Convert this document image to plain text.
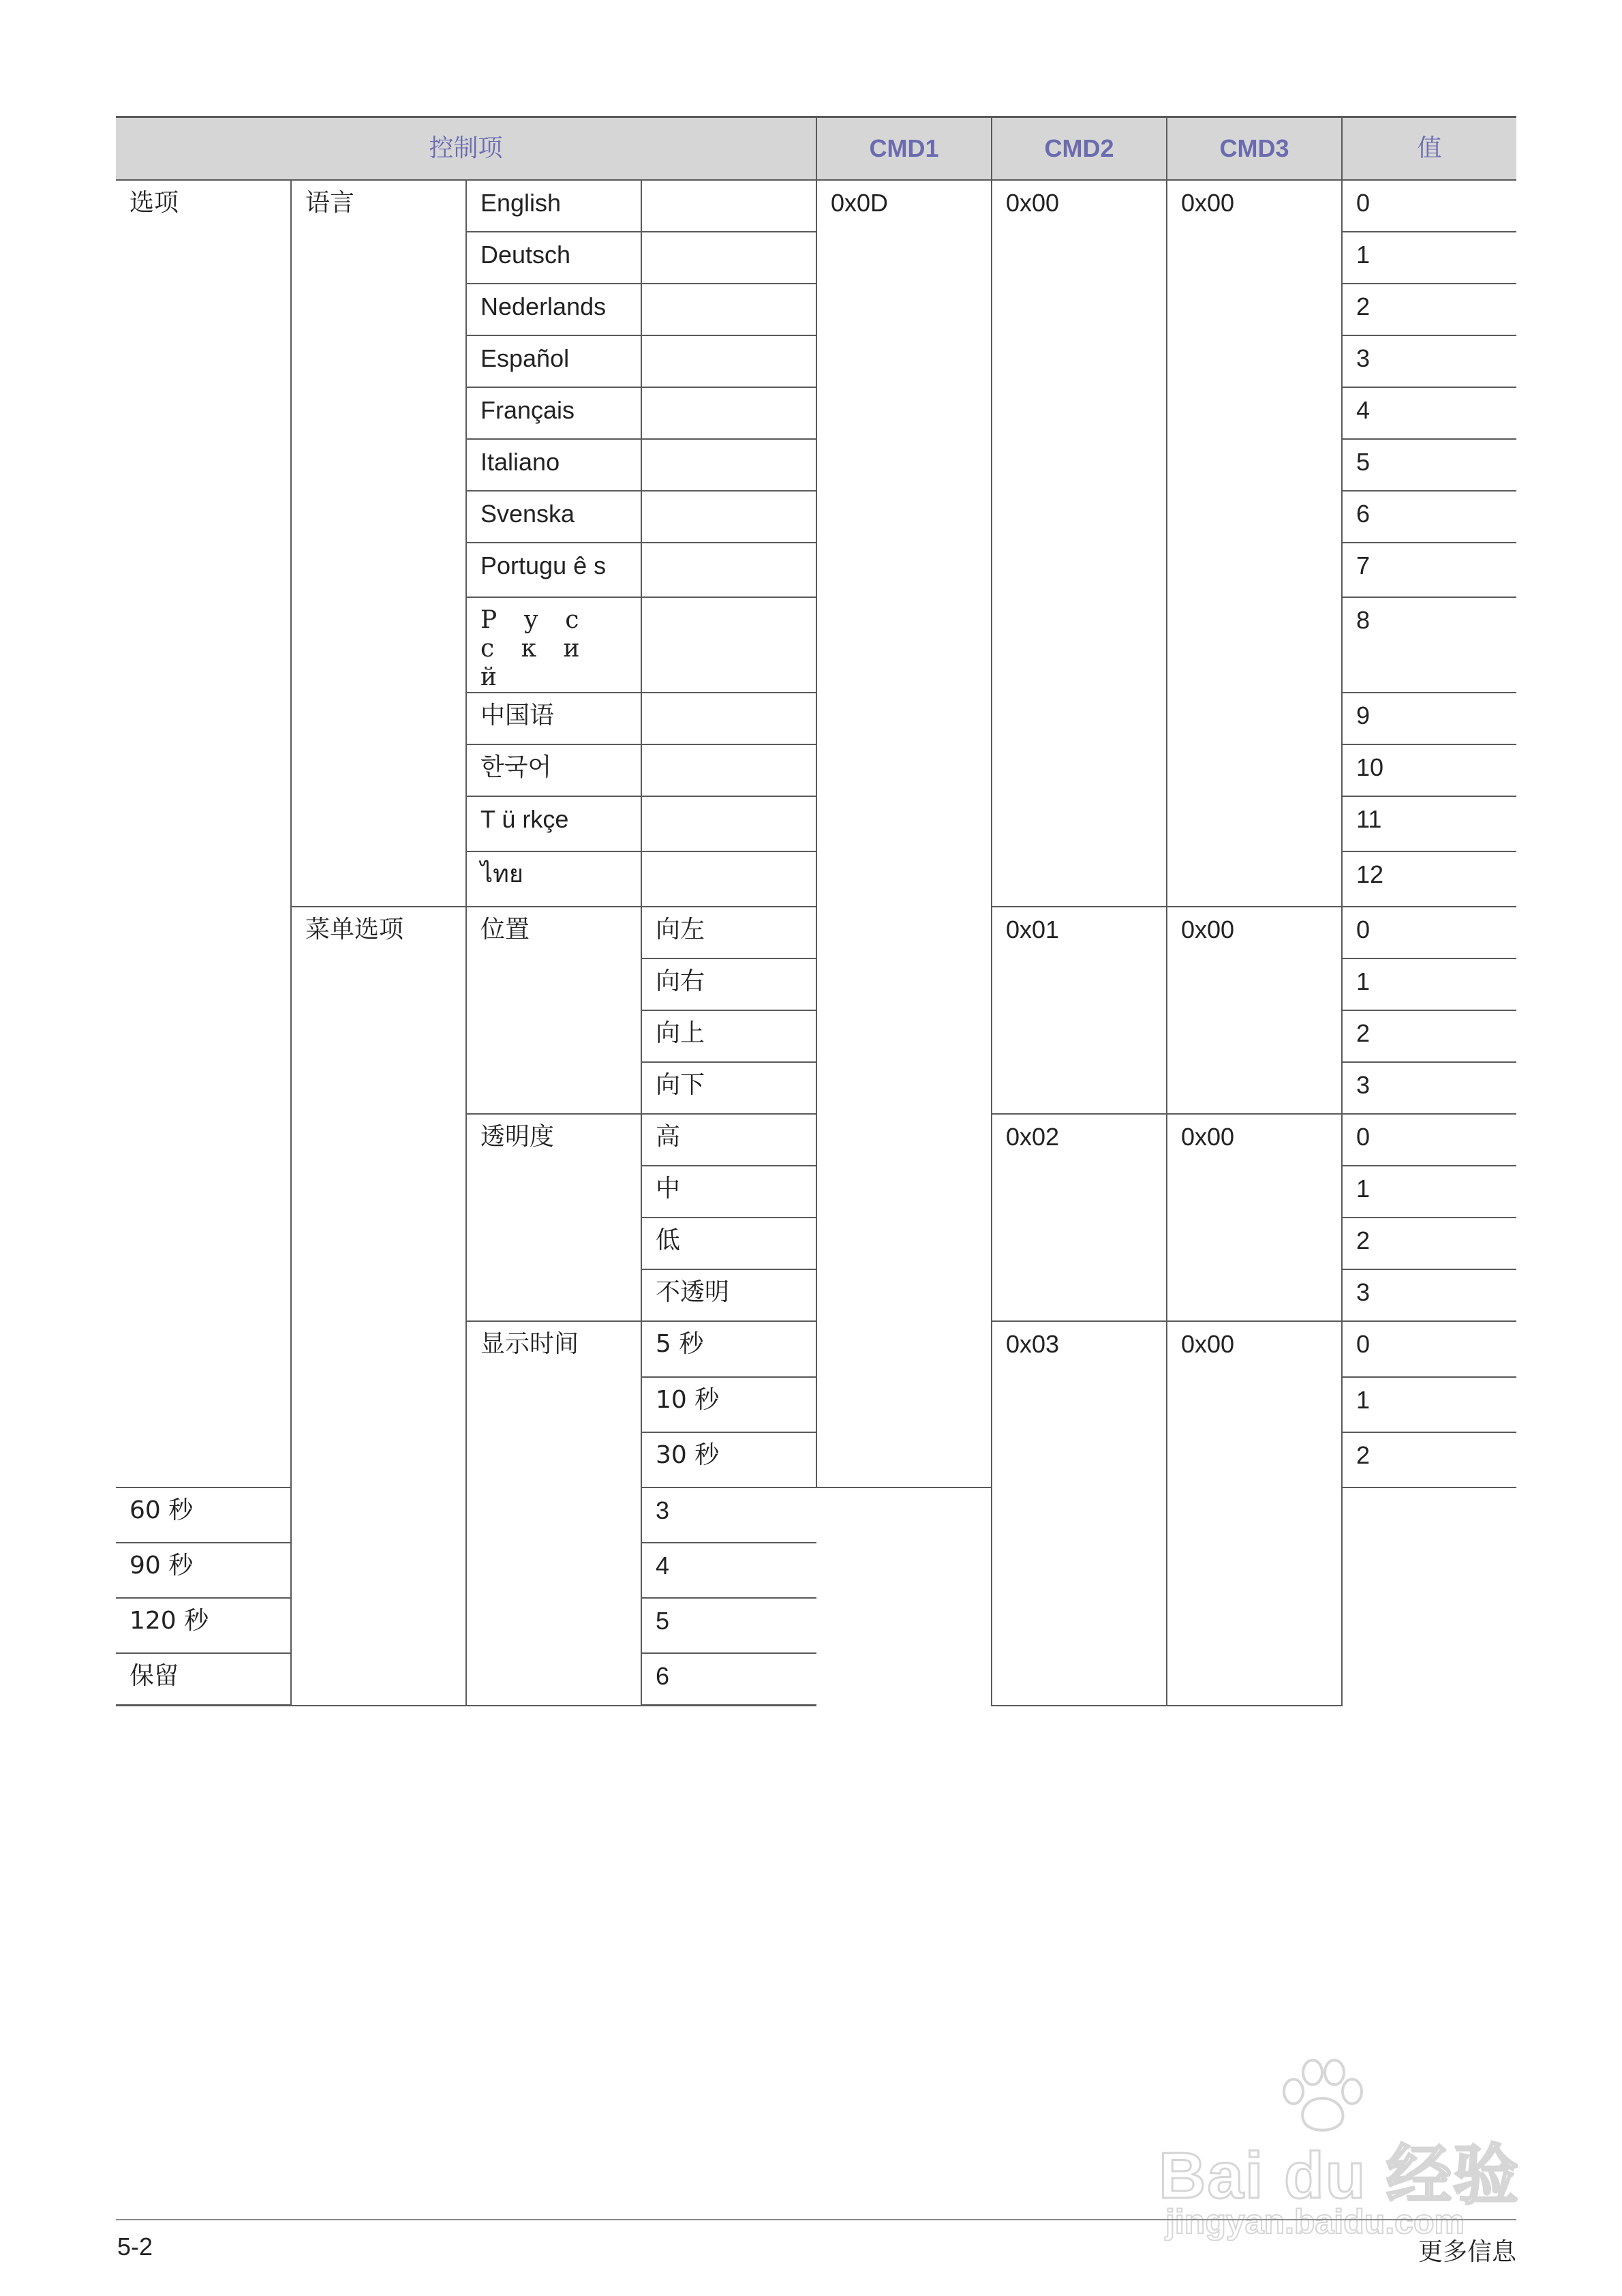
控制项				CMD1	CMD2	CMD3	值
选项	语言	English		0x0D	0x00	0x00	0
		Deutsch					1
		Nederlands					2
		Español					3
		Français					4
		Italiano					5
		Svenska					6
		Portugu ê s					7
		Р у с с к и й					8
		中国语					9
		한국어					10
		T ü rkçe					11
		ไทย					12
	菜单选项	位置	向左		0x01	0x00	0
			向右				1
			向上				2
			向下				3
		透明度	高		0x02	0x00	0
			中				1
			低				2
			不透明				3
		显示时间	5 秒		0x03	0x00	0
			10 秒				1
			30 秒				2
60 秒			3				
90 秒			4				
120 秒			5				
保留			6				
Bai du 经验
jingyan.baidu.com
5-2	更多信息
